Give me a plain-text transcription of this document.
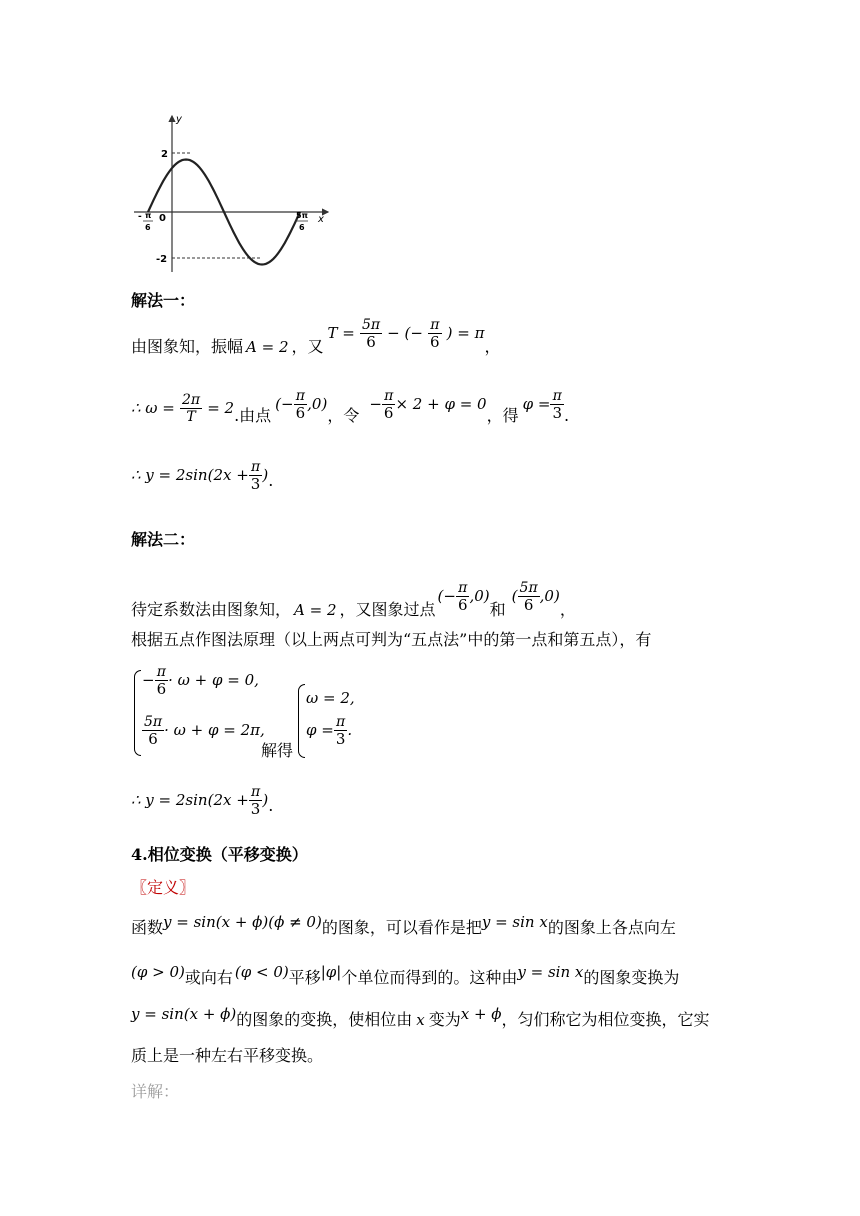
y
x
0
2
-2
- π
6
5π
6
解法一：
由图象知，振幅 A = 2 ，又$T = \frac{5\pi}{6}$ − (− $\frac{\pi}{6}$ ) = π，
∴ $\omega = \frac{2\pi}{T} = 2$.由点(− $\frac{\pi}{6} ,0$)，令− $\frac{\pi}{6} \times 2 + \varphi = 0$，得$\varphi = \frac{\pi}{3}$ .
∴ $y = 2\sin(2x + \frac{\pi}{3}$ ).
解法二：
待定系数法由图象知， A = 2 ，又图象过点(− $\frac{\pi}{6} ,0$)和( $\frac{5\pi}{6} ,0$)，
根据五点作图法原理（以上两点可判为“五点法”中的第一点和第五点），有
− $\frac{\pi}{6} \cdot \omega + \varphi = 0$,
$\frac{5\pi}{6} \cdot \omega + \varphi = 2\pi$,
解得
ω = 2,
$\varphi = \frac{\pi}{3}$ .
∴ $y = 2\sin(2x + \frac{\pi}{3}$ ).
4.相位变换（平移变换）
〖定义〗
函数y = sin(x + ϕ)(ϕ ≠ 0)的图象，可以看作是把y = sin x的图象上各点向左
(φ > 0)或向右 (φ < 0)平移|φ|个单位而得到的。这种由y = sin x的图象变换为
y = sin(x + ϕ)的图象的变换，使相位由 x 变为x + ϕ，匀们称它为相位变换，它实
质上是一种左右平移变换。
详解：
